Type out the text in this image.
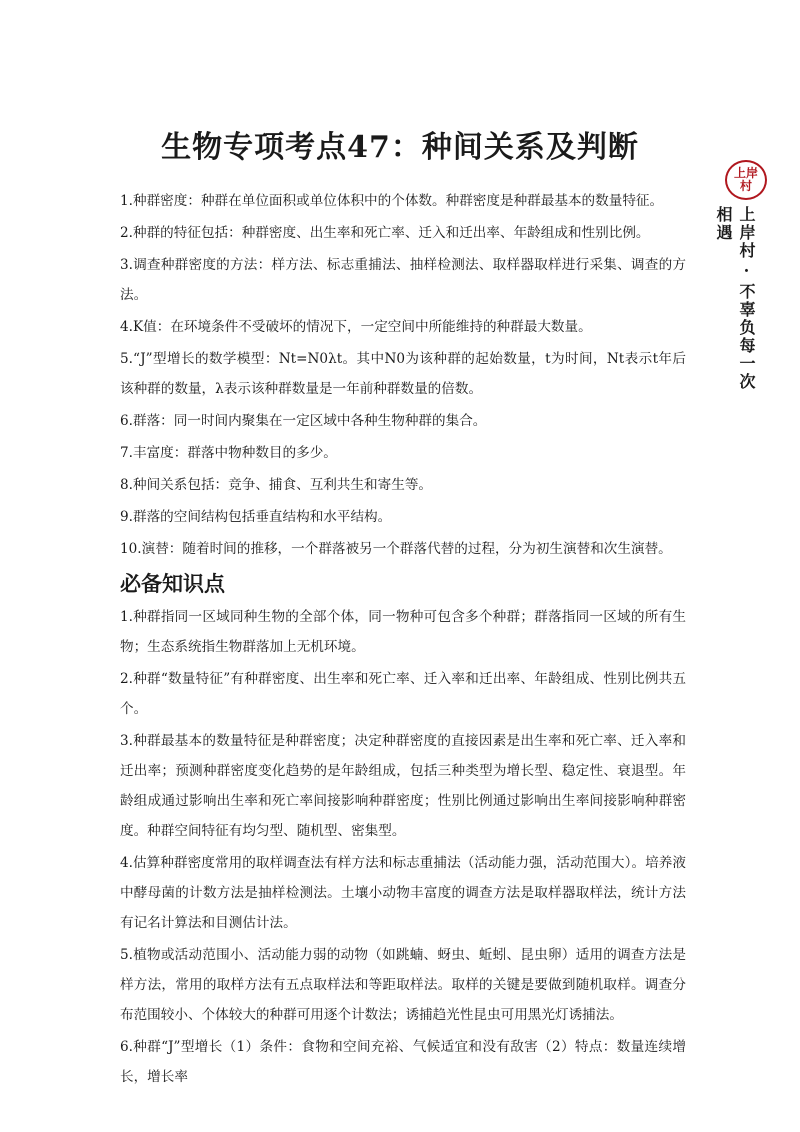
生物专项考点47：种间关系及判断
上岸村
上岸村 · 不辜负每一次相遇

1.种群密度：种群在单位面积或单位体积中的个体数。种群密度是种群最基本的数量特征。

2.种群的特征包括：种群密度、出生率和死亡率、迁入和迁出率、年龄组成和性别比例。

3.调查种群密度的方法：样方法、标志重捕法、抽样检测法、取样器取样进行采集、调查的方法。

4.K值：在环境条件不受破坏的情况下，一定空间中所能维持的种群最大数量。

5.“J”型增长的数学模型：Nt=N0λt。其中N0为该种群的起始数量，t为时间，Nt表示t年后该种群的数量，λ表示该种群数量是一年前种群数量的倍数。

6.群落：同一时间内聚集在一定区域中各种生物种群的集合。

7.丰富度：群落中物种数目的多少。

8.种间关系包括：竞争、捕食、互利共生和寄生等。

9.群落的空间结构包括垂直结构和水平结构。

10.演替：随着时间的推移，一个群落被另一个群落代替的过程，分为初生演替和次生演替。

必备知识点

1.种群指同一区域同种生物的全部个体，同一物种可包含多个种群；群落指同一区域的所有生物；生态系统指生物群落加上无机环境。

2.种群“数量特征”有种群密度、出生率和死亡率、迁入率和迁出率、年龄组成、性别比例共五个。

3.种群最基本的数量特征是种群密度；决定种群密度的直接因素是出生率和死亡率、迁入率和迁出率；预测种群密度变化趋势的是年龄组成，包括三种类型为增长型、稳定性、衰退型。年龄组成通过影响出生率和死亡率间接影响种群密度；性别比例通过影响出生率间接影响种群密度。种群空间特征有均匀型、随机型、密集型。

4.估算种群密度常用的取样调查法有样方法和标志重捕法（活动能力强，活动范围大）。培养液中酵母菌的计数方法是抽样检测法。土壤小动物丰富度的调查方法是取样器取样法，统计方法有记名计算法和目测估计法。

5.植物或活动范围小、活动能力弱的动物（如跳蝻、蚜虫、蚯蚓、昆虫卵）适用的调查方法是样方法，常用的取样方法有五点取样法和等距取样法。取样的关键是要做到随机取样。调查分布范围较小、个体较大的种群可用逐个计数法；诱捕趋光性昆虫可用黑光灯诱捕法。

6.种群“J”型增长（1）条件：食物和空间充裕、气候适宜和没有敌害（2）特点：数量连续增长，增长率
